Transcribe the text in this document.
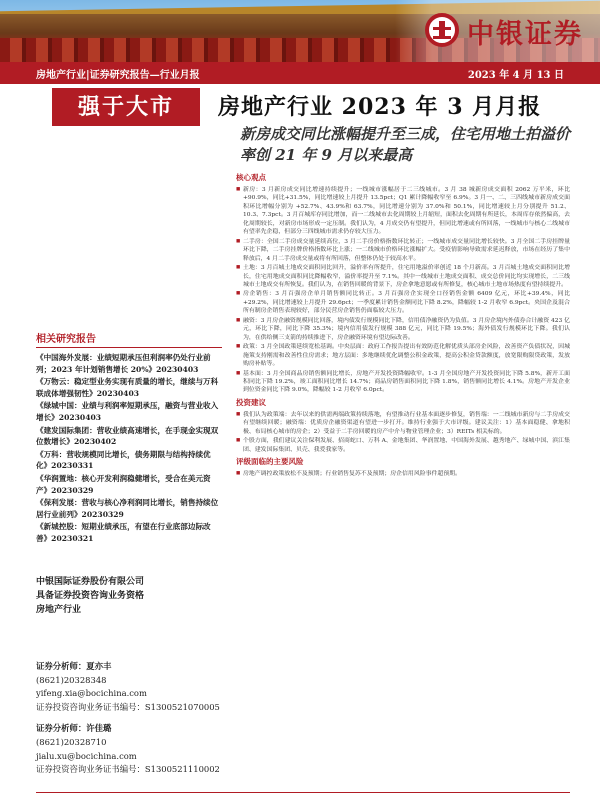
中银证券
房地产行业|证券研究报告—行业月报	2023 年 4 月 13 日
强于大市	房地产行业 2023 年 3 月月报
新房成交同比涨幅提升至三成，住宅用地土拍溢价率创 21 年 9 月以来最高
相关研究报告
《中国海外发展：业绩短期承压但利润率仍处行业前列；2023 年计划销售增长 20%》20230403
《万物云：稳定型业务实现有质量的增长，继续与万科联成体增强韧性》20230403
《绿城中国：业绩与利润率短期承压，融资与营业收入增长》20230403
《建发国际集团：营收业绩高速增长，在手现金实现双位数增长》20230402
《万科：营收规模同比增长，债务期限与结构持续优化》20230331
《华润置地：核心开发利润稳健增长，受合在美元资产》20230329
《保利发展：营收与核心净利润同比增长，销售持续位居行业前列》20230329
《新城控股：短期业绩承压，有望在行业底部边际改善》20230321
中银国际证券股份有限公司
具备证券投资咨询业务资格
房地产行业
证券分析师：夏亦丰
(8621)20328348
yifeng.xia@bocichina.com
证券投资咨询业务证书编号：S1300521070005
证券分析师：许佳璐
(8621)20328710
jialu.xu@bocichina.com
证券投资咨询业务证书编号：S1300521110002
核心观点

■ 新房：3 月新房成交同比增速持续提升；一线城市涨幅居于二三线城市。3 月 38 城新房成交面积 2062 万平米，环比+90.9%，同比+31.5%，同比增速较上月提升 13.5pct；Q1 累计降幅收窄至 6.9%。3 月一、二、三四线城市新房成交面积环比增幅分别为 +52.7%、43.9%和 63.7%，同比增速分别为 37.0%和 50.1%，同比增速较上月分别提升 51.2、10.3、7.3pct。3 月百城库存同比增加，而一二线城市去化周期较上月缩短，面积去化周期有所延长，本周库存依然偏高，去化周期较长，对新房市场形成一定压制。我们认为，4 月成交仍有望提升，但同比增速或有所回落，一线城市与核心二线城市有望率先企稳，但部分三四线城市需求仍存较大压力。

■ 二手房：全国二手房成交量延续高位，3 月二手房价格指数环比转正；一线城市成交量同比增长较快。3 月全国二手房挂牌量环比下降，二手房挂牌价格指数环比上涨；一二线城市价格环比涨幅扩大。受疫情影响导致需求延迟释放，市场在经历了集中释放后，4 月二手房成交量或将有所回落，但整体仍处于较高水平。

■ 土地：3 月百城土地成交面积同比回升，溢价率有所提升，住宅用地溢价率创近 18 个月新高。3 月百城土地成交面积同比增长，住宅用地成交面积同比降幅收窄，溢价率提升至 7.1%。其中一线城市土地成交面积、成交总价同比均实现增长，二三线城市土地成交有所恢复。我们认为，在销售回暖的背景下，房企拿地意愿或有所修复，核心城市土地市场热度有望持续提升。

■ 房企销售：3 月百强房企单月销售额同比转正。3 月百强房企实现全口径销售金额 6409 亿元，环比+39.4%，同比+29.2%，同比增速较上月提升 29.6pct；一季度累计销售金额同比下降 8.2%，降幅较 1-2 月收窄 6.9pct。央国企及混合所有制房企销售表现较好，部分民营房企销售仍面临较大压力。

■ 融资：3 月房企融资规模同比回落，境内债发行规模同比下降，信用债净融资仍为负值。3 月房企境内外债券合计融资 423 亿元，环比下降，同比下降 35.3%；境内信用债发行规模 388 亿元，同比下降 19.5%；海外债发行规模环比下降。我们认为，在供给侧三支箭的持续推进下，房企融资环境有望边际改善。

■ 政策：3 月全国政策延续宽松基调。中央层面：政府工作报告提出有效防范化解优质头部房企风险，改善资产负债状况，因城施策支持刚需和改善性住房需求；地方层面：多地继续优化调整公积金政策，提高公积金贷款额度，放宽限购限贷政策，发放购房补贴等。

■ 基本面：3 月全国商品房销售额同比增长，房地产开发投资降幅收窄。1-3 月全国房地产开发投资同比下降 5.8%，新开工面积同比下降 19.2%，竣工面积同比增长 14.7%；商品房销售面积同比下降 1.8%，销售额同比增长 4.1%。房地产开发企业到位资金同比下降 9.0%，降幅较 1-2 月收窄 6.0pct。

投资建议

■ 我们认为政策端：去年以来的供需两端政策持续落地，有望推动行业基本面逐步修复，销售端：一二线城市新房与二手房成交有望继续回暖；融资端：优质房企融资渠道有望进一步打开。维持行业强于大市评级。建议关注：1）基本面稳健、拿地积极、布局核心城市的房企；2）受益于二手房回暖的房产中介与物业管理企业；3）REITs 相关标的。

■ 个股方面，我们建议关注保利发展、招商蛇口、万科 A、金地集团、华润置地、中国海外发展、越秀地产、绿城中国、滨江集团、建发国际集团、贝壳、我爱我家等。

评级面临的主要风险

■ 房地产调控政策放松不及预期；行业销售复苏不及预期；房企信用风险事件超预期。
